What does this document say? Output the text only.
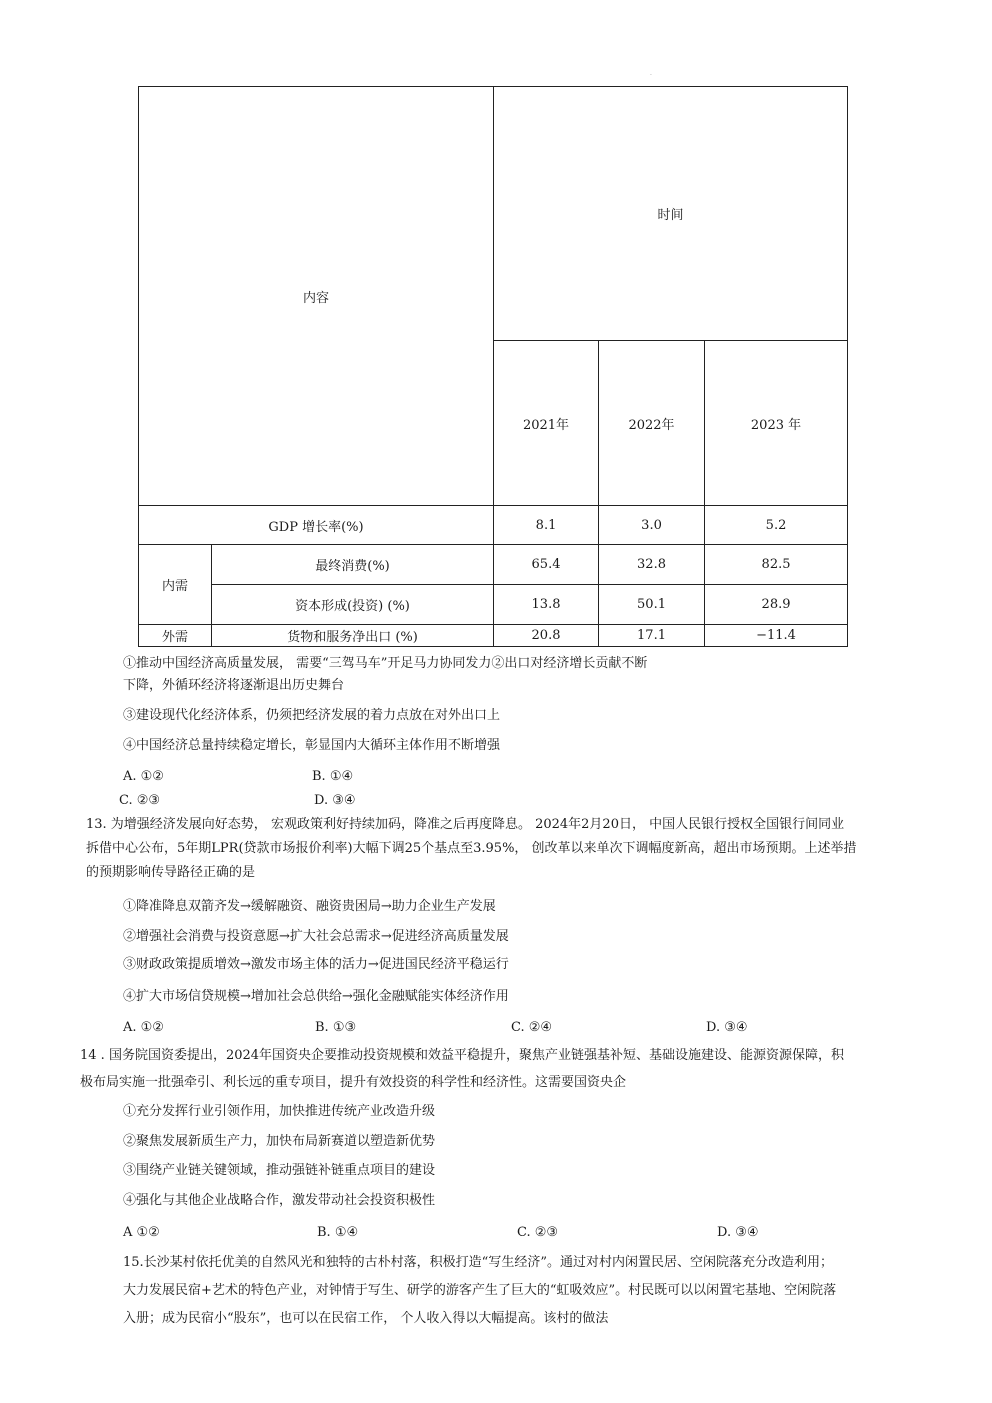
.
内容		时间		
		2021年	2022年	2023 年
GDP 增长率(%)		8.1	3.0	5.2
内需	最终消费(%)	65.4	32.8	82.5
	资本形成(投资) (%)	13.8	50.1	28.9
外需	货物和服务净出口 (%)	20.8	17.1	−11.4
①推动中国经济高质量发展， 需要“三驾马车”开足马力协同发力②出口对经济增长贡献不断
下降，外循环经济将逐渐退出历史舞台
③建设现代化经济体系，仍须把经济发展的着力点放在对外出口上
④中国经济总量持续稳定增长，彰显国内大循环主体作用不断增强
A. ①②	B. ①④
C. ②③	D. ③④
13. 为增强经济发展向好态势， 宏观政策利好持续加码，降准之后再度降息。 2024年2月20日， 中国人民银行授权全国银行间同业
拆借中心公布，5年期LPR(贷款市场报价利率)大幅下调25个基点至3.95%， 创改革以来单次下调幅度新高，超出市场预期。上述举措
的预期影响传导路径正确的是
①降准降息双箭齐发→缓解融资、融资贵困局→助力企业生产发展
②增强社会消费与投资意愿→扩大社会总需求→促进经济高质量发展
③财政政策提质增效→激发市场主体的活力→促进国民经济平稳运行
④扩大市场信贷规模→增加社会总供给→强化金融赋能实体经济作用
A. ①②	B. ①③	C. ②④	D. ③④
14 . 国务院国资委提出，2024年国资央企要推动投资规模和效益平稳提升，聚焦产业链强基补短、基础设施建设、能源资源保障，积
极布局实施一批强牵引、利长远的重专项目，提升有效投资的科学性和经济性。这需要国资央企
①充分发挥行业引领作用，加快推进传统产业改造升级
②聚焦发展新质生产力，加快布局新赛道以塑造新优势
③围绕产业链关键领域，推动强链补链重点项目的建设
④强化与其他企业战略合作，激发带动社会投资积极性
A ①②	B. ①④	C. ②③	D. ③④
15.长沙某村依托优美的自然风光和独特的古朴村落，积极打造“写生经济”。通过对村内闲置民居、空闲院落充分改造利用；
大力发展民宿+艺术的特色产业，对钟情于写生、研学的游客产生了巨大的“虹吸效应”。村民既可以以闲置宅基地、空闲院落
入册；成为民宿小“股东”，也可以在民宿工作， 个人收入得以大幅提高。该村的做法
